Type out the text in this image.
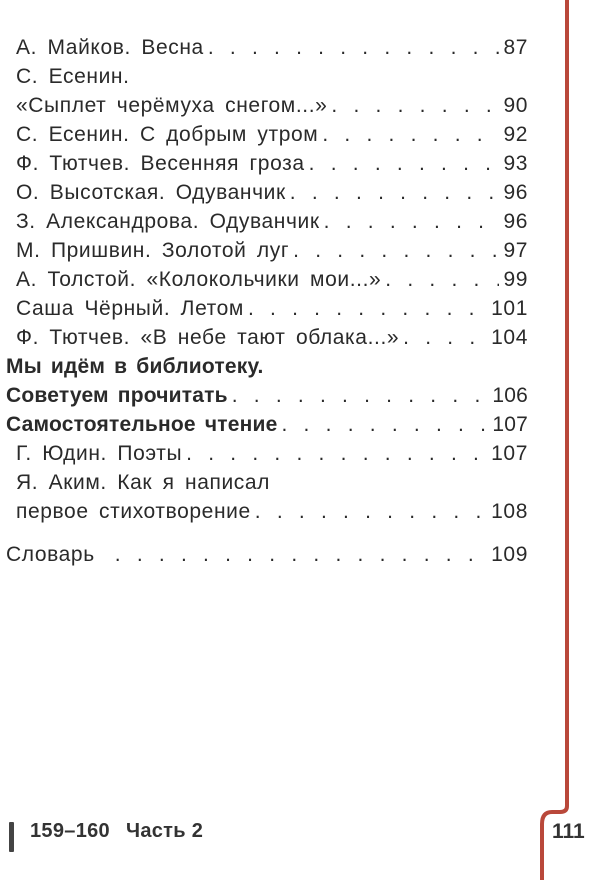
А. Майков. Весна . . .	87
С. Есенин.
«Сыплет черёмуха снегом...» . . .	90
С. Есенин. С добрым утром . . .	92
Ф. Тютчев. Весенняя гроза . . .	93
О. Высотская. Одуванчик . . .	96
З. Александрова. Одуванчик . . .	96
М. Пришвин. Золотой луг . . .	97
А. Толстой. «Колокольчики мои...» . . .	99
Саша Чёрный. Летом . . .	101
Ф. Тютчев. «В небе тают облака...» . . .	104
Мы идём в библиотеку.
Советуем прочитать . . .	106
Самостоятельное чтение . . .	107
Г. Юдин. Поэты . . .	107
Я. Аким. Как я написал
первое стихотворение . . .	108
Словарь . . .	109
159–160 Часть 2	111
